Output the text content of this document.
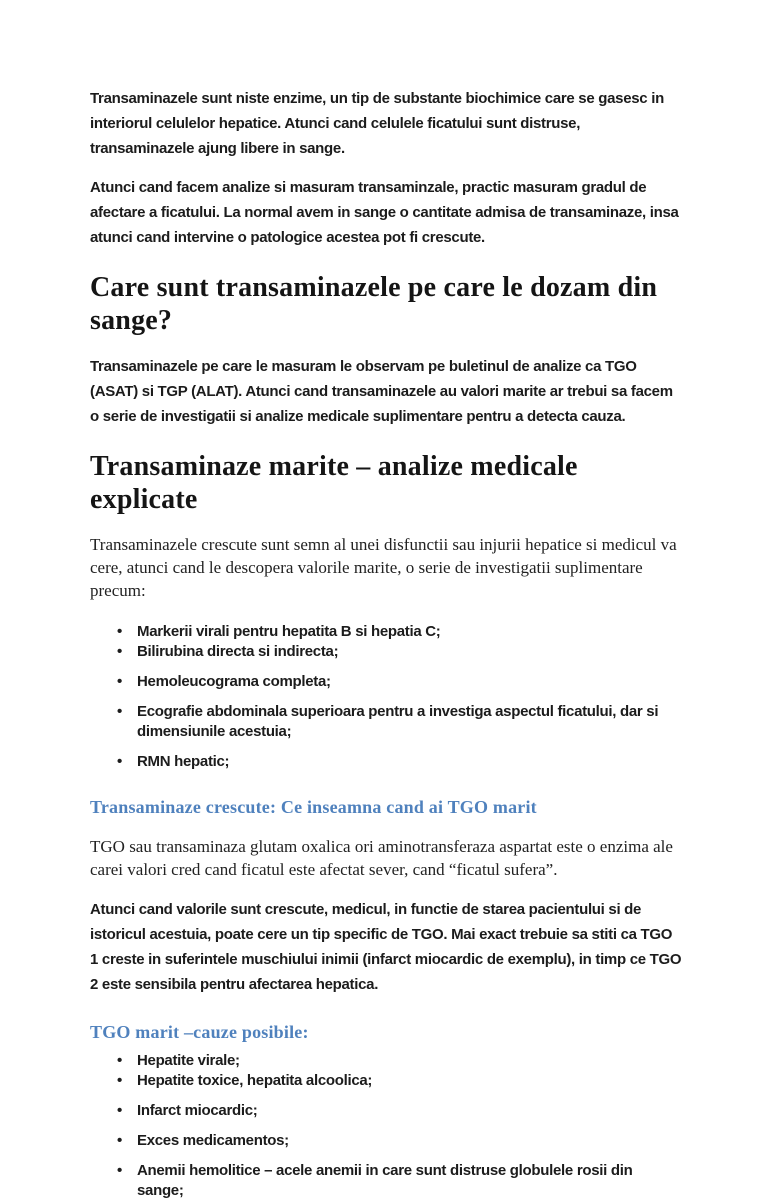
Transaminazele sunt niste enzime, un tip de substante biochimice care se gasesc in interiorul celulelor hepatice. Atunci cand celulele ficatului sunt distruse, transaminazele ajung libere in sange.

Atunci cand facem analize si masuram transaminzale, practic masuram gradul de afectare a ficatului. La normal avem in sange o cantitate admisa de transaminaze, insa atunci cand intervine o patologice acestea pot fi crescute.

Care sunt transaminazele pe care le dozam din sange?

Transaminazele pe care le masuram le observam pe buletinul de analize ca TGO (ASAT) si TGP (ALAT). Atunci cand transaminazele au valori marite ar trebui sa facem o serie de investigatii si analize medicale suplimentare pentru a detecta cauza.

Transaminaze marite – analize medicale explicate

Transaminazele crescute sunt semn al unei disfunctii sau injurii hepatice si medicul va cere, atunci cand le descopera valorile marite, o serie de investigatii suplimentare precum:

• Markerii virali pentru hepatita B si hepatia C;
• Bilirubina directa si indirecta;
• Hemoleucograma completa;
• Ecografie abdominala superioara pentru a investiga aspectul ficatului, dar si dimensiunile acestuia;
• RMN hepatic;
Transaminaze crescute: Ce inseamna cand ai TGO marit

TGO sau transaminaza glutam oxalica ori aminotransferaza aspartat este o enzima ale carei valori cred cand ficatul este afectat sever, cand “ficatul sufera”.

Atunci cand valorile sunt crescute, medicul, in functie de starea pacientului si de istoricul acestuia, poate cere un tip specific de TGO. Mai exact trebuie sa stiti ca TGO 1 creste in suferintele muschiului inimii (infarct miocardic de exemplu), in timp ce TGO 2 este sensibila pentru afectarea hepatica.

TGO marit –cauze posibile:
• Hepatite virale;
• Hepatite toxice, hepatita alcoolica;
• Infarct miocardic;
• Exces medicamentos;
• Anemii hemolitice – acele anemii in care sunt distruse globulele rosii din sange;
